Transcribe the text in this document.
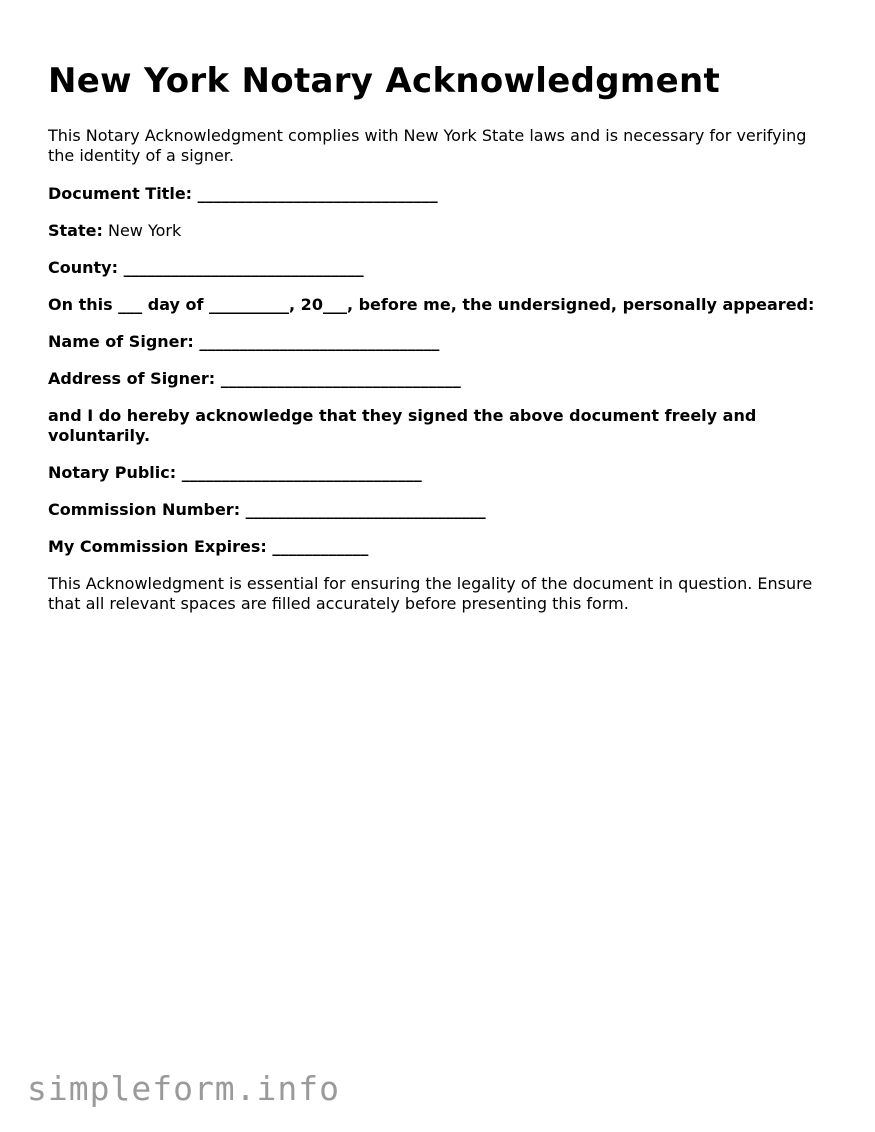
New York Notary Acknowledgment

This Notary Acknowledgment complies with New York State laws and is necessary for verifying the identity of a signer.

Document Title: ______________________________

State: New York

County: ______________________________

On this ___ day of __________, 20___, before me, the undersigned, personally appeared:

Name of Signer: ______________________________

Address of Signer: ______________________________

and I do hereby acknowledge that they signed the above document freely and voluntarily.

Notary Public: ______________________________

Commission Number: ______________________________

My Commission Expires: ____________

This Acknowledgment is essential for ensuring the legality of the document in question. Ensure that all relevant spaces are filled accurately before presenting this form.

simpleform.info
